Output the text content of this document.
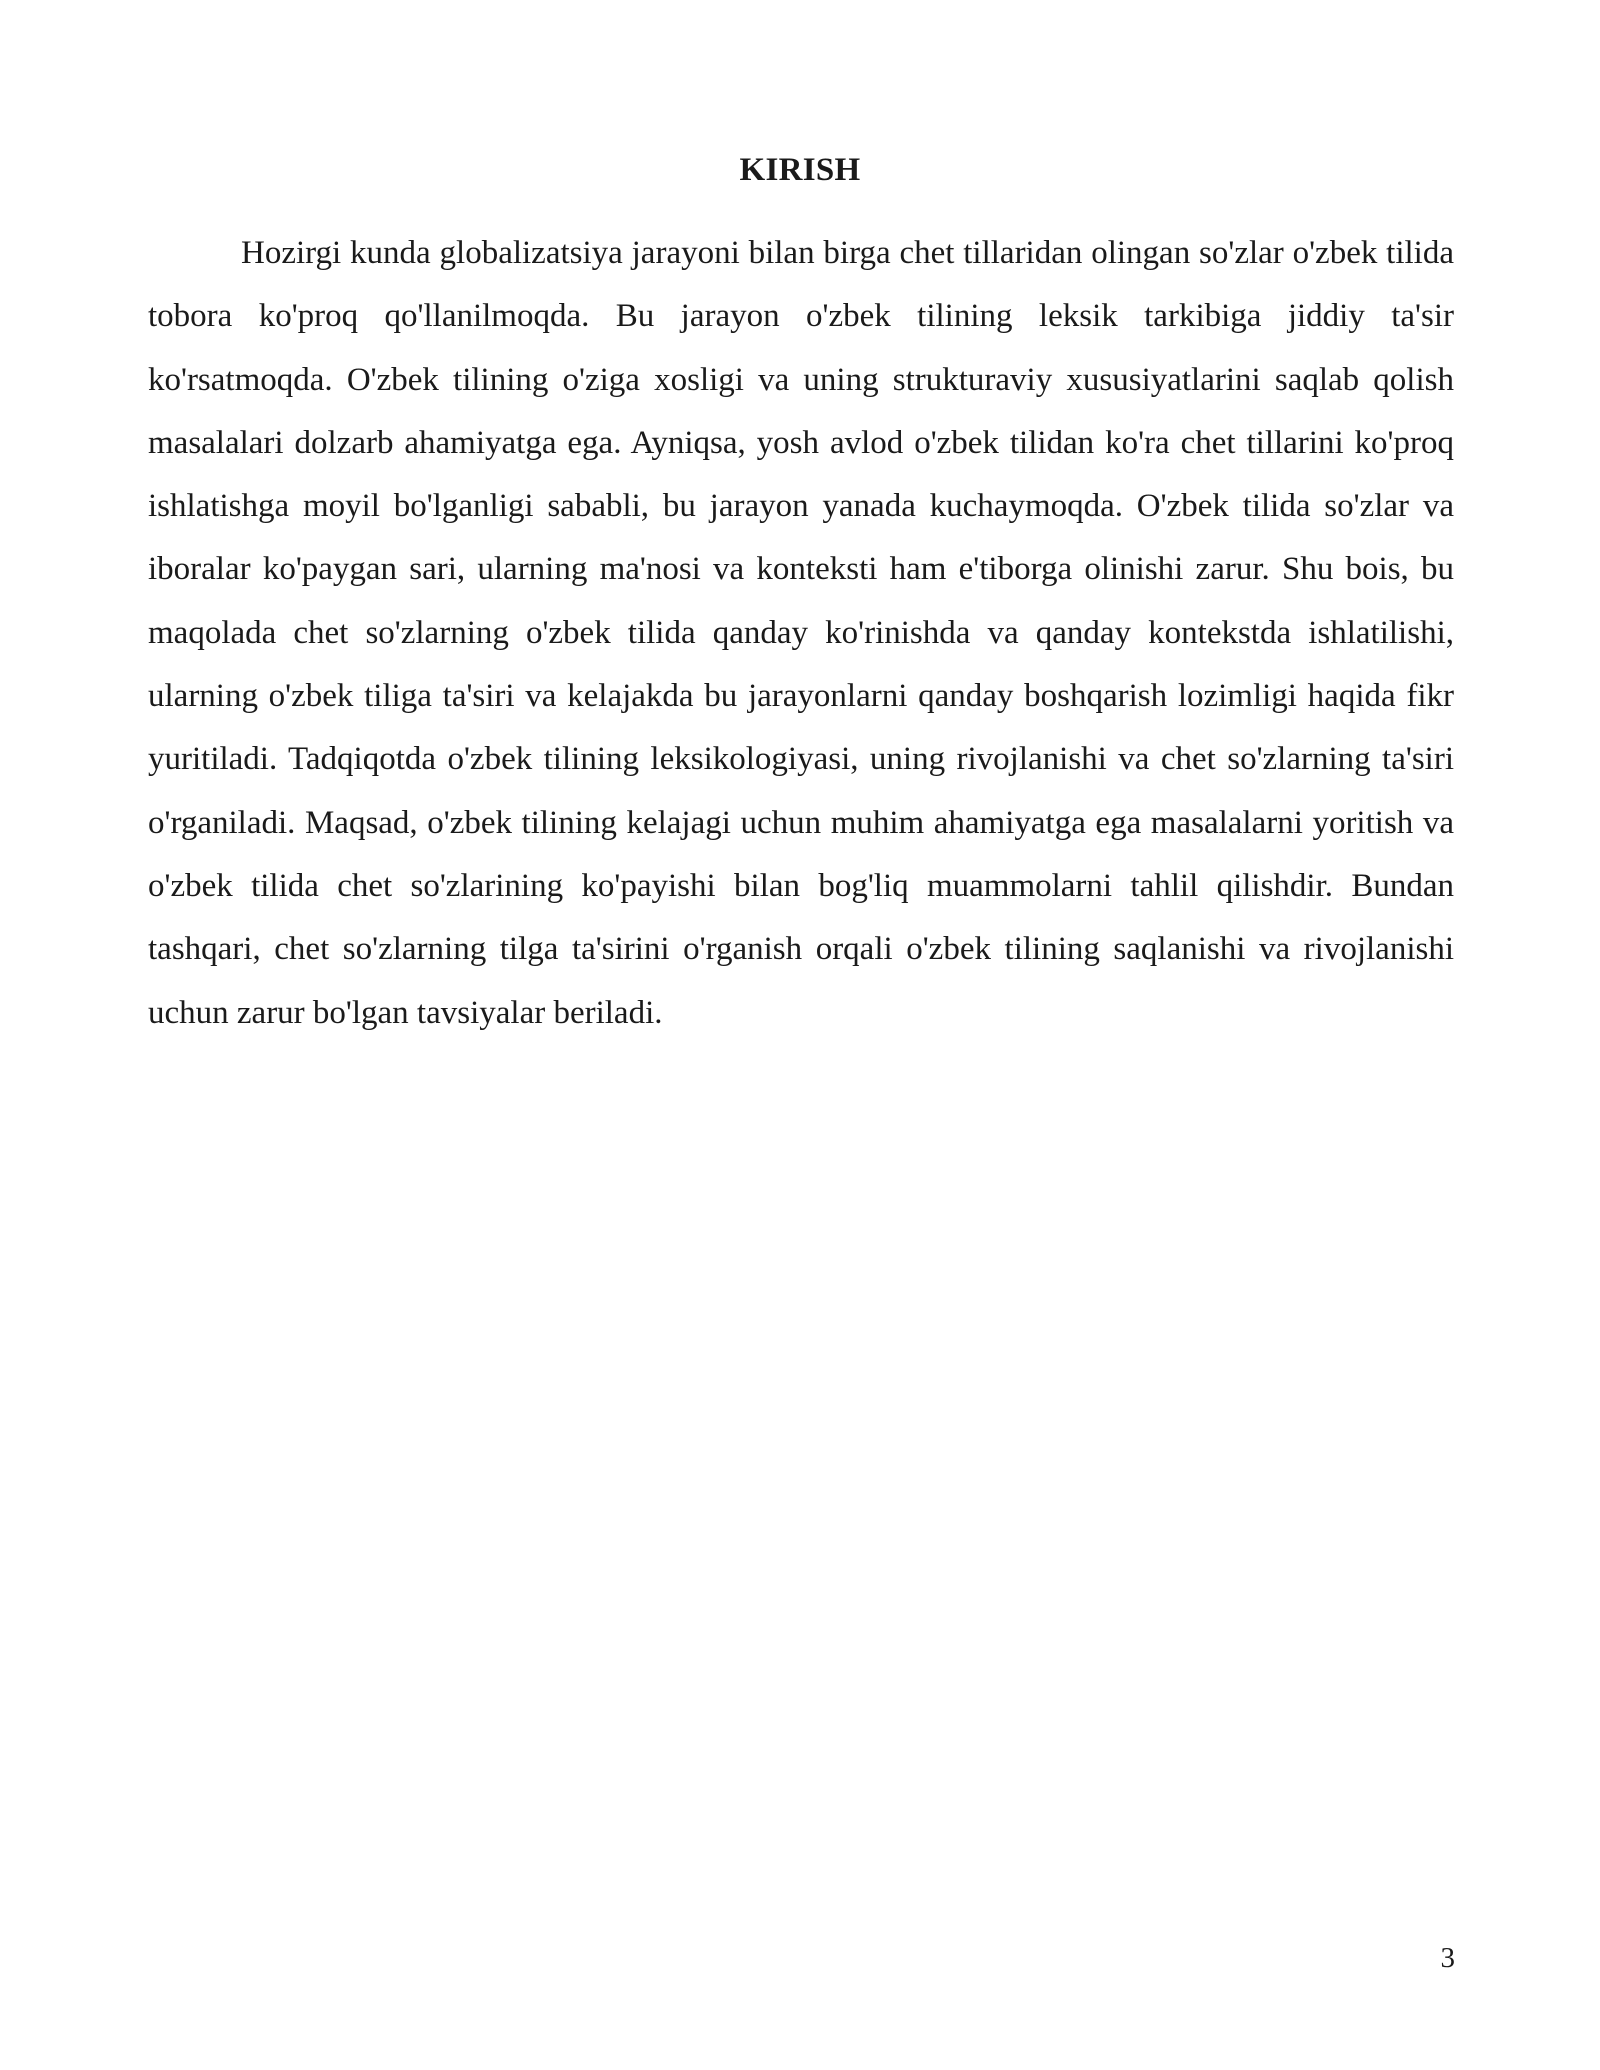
KIRISH

Hozirgi kunda globalizatsiya jarayoni bilan birga chet tillaridan olingan so'zlar o'zbek tilida tobora ko'proq qo'llanilmoqda. Bu jarayon o'zbek tilining leksik tarkibiga jiddiy ta'sir ko'rsatmoqda. O'zbek tilining o'ziga xosligi va uning strukturaviy xususiyatlarini saqlab qolish masalalari dolzarb ahamiyatga ega. Ayniqsa, yosh avlod o'zbek tilidan ko'ra chet tillarini ko'proq ishlatishga moyil bo'lganligi sababli, bu jarayon yanada kuchaymoqda. O'zbek tilida so'zlar va iboralar ko'paygan sari, ularning ma'nosi va konteksti ham e'tiborga olinishi zarur. Shu bois, bu maqolada chet so'zlarning o'zbek tilida qanday ko'rinishda va qanday kontekstda ishlatilishi, ularning o'zbek tiliga ta'siri va kelajakda bu jarayonlarni qanday boshqarish lozimligi haqida fikr yuritiladi. Tadqiqotda o'zbek tilining leksikologiyasi, uning rivojlanishi va chet so'zlarning ta'siri o'rganiladi. Maqsad, o'zbek tilining kelajagi uchun muhim ahamiyatga ega masalalarni yoritish va o'zbek tilida chet so'zlarining ko'payishi bilan bog'liq muammolarni tahlil qilishdir. Bundan tashqari, chet so'zlarning tilga ta'sirini o'rganish orqali o'zbek tilining saqlanishi va rivojlanishi uchun zarur bo'lgan tavsiyalar beriladi.

3
